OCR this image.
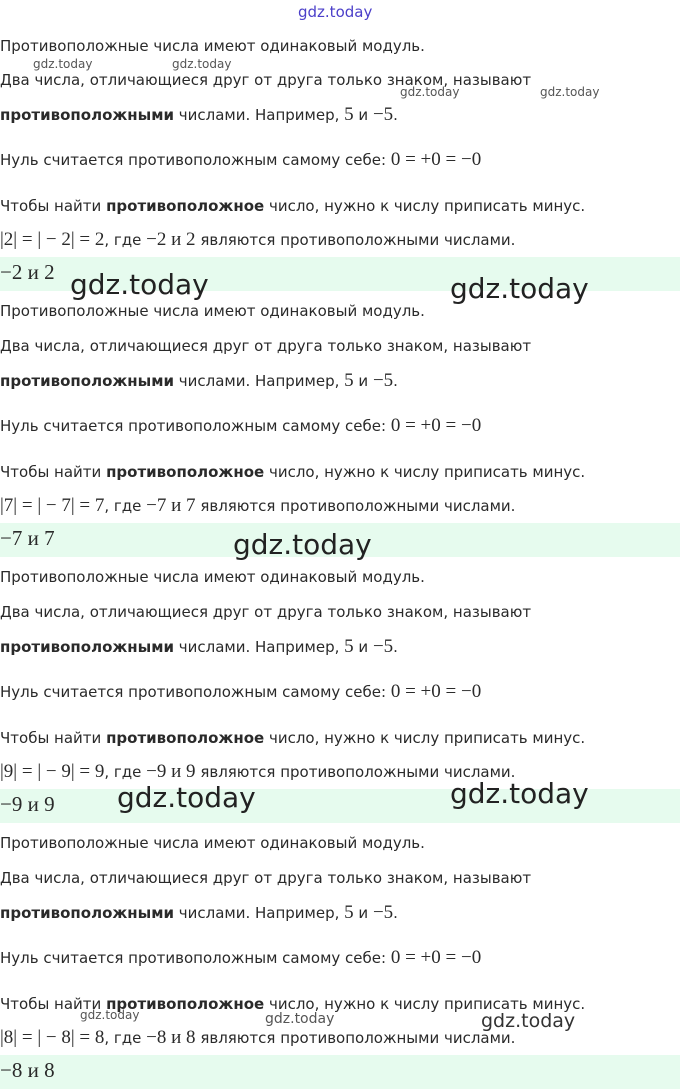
gdz.today
Противоположные числа имеют одинаковый модуль.
Два числа, отличающиеся друг от друга только знаком, называют
противоположными числами. Например, 5 и −5.
Нуль считается противоположным самому себе: 0 = +0 = −0
Чтобы найти противоположное число, нужно к числу приписать минус.
|2| = | − 2| = 2, где −2 и 2 являются противоположными числами.
−2 и 2
Противоположные числа имеют одинаковый модуль.
Два числа, отличающиеся друг от друга только знаком, называют
противоположными числами. Например, 5 и −5.
Нуль считается противоположным самому себе: 0 = +0 = −0
Чтобы найти противоположное число, нужно к числу приписать минус.
|7| = | − 7| = 7, где −7 и 7 являются противоположными числами.
−7 и 7
Противоположные числа имеют одинаковый модуль.
Два числа, отличающиеся друг от друга только знаком, называют
противоположными числами. Например, 5 и −5.
Нуль считается противоположным самому себе: 0 = +0 = −0
Чтобы найти противоположное число, нужно к числу приписать минус.
|9| = | − 9| = 9, где −9 и 9 являются противоположными числами.
−9 и 9
Противоположные числа имеют одинаковый модуль.
Два числа, отличающиеся друг от друга только знаком, называют
противоположными числами. Например, 5 и −5.
Нуль считается противоположным самому себе: 0 = +0 = −0
Чтобы найти противоположное число, нужно к числу приписать минус.
|8| = | − 8| = 8, где −8 и 8 являются противоположными числами.
−8 и 8
gdz.today	gdz.today
gdz.today	gdz.today
gdz.today	gdz.today
gdz.today
gdz.today	gdz.today
gdz.today	gdz.today	gdz.today
